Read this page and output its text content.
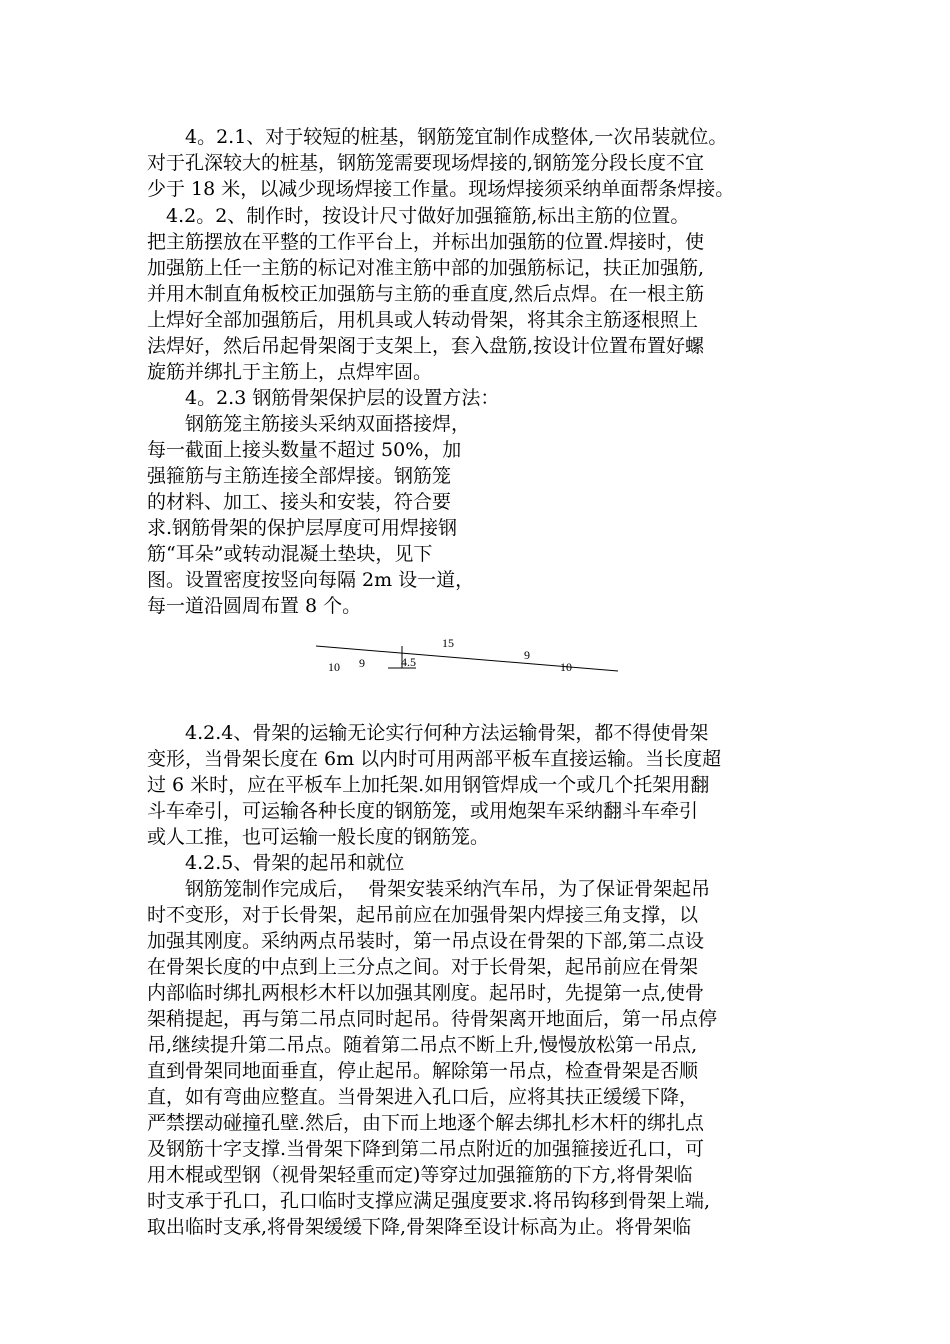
　　4。2.1、对于较短的桩基，钢筋笼宜制作成整体,一次吊装就位。
对于孔深较大的桩基，钢筋笼需要现场焊接的,钢筋笼分段长度不宜
少于 18 米，以减少现场焊接工作量。现场焊接须采纳单面帮条焊接。
　4.2。2、制作时，按设计尺寸做好加强箍筋,标出主筋的位置。
把主筋摆放在平整的工作平台上，并标出加强筋的位置.焊接时，使
加强筋上任一主筋的标记对准主筋中部的加强筋标记，扶正加强筋,
并用木制直角板校正加强筋与主筋的垂直度,然后点焊。在一根主筋
上焊好全部加强筋后，用机具或人转动骨架，将其余主筋逐根照上
法焊好，然后吊起骨架阁于支架上，套入盘筋,按设计位置布置好螺
旋筋并绑扎于主筋上，点焊牢固。
　　4。2.3 钢筋骨架保护层的设置方法：
　　钢筋笼主筋接头采纳双面搭接焊，
每一截面上接头数量不超过 50%，加
强箍筋与主筋连接全部焊接。钢筋笼
的材料、加工、接头和安装，符合要
求.钢筋骨架的保护层厚度可用焊接钢
筋“耳朵”或转动混凝土垫块，见下
图。设置密度按竖向每隔 2m 设一道，
每一道沿圆周布置 8 个。
15
10 9	4.5	9
10
　　4.2.4、骨架的运输无论实行何种方法运输骨架，都不得使骨架
变形，当骨架长度在 6m 以内时可用两部平板车直接运输。当长度超
过 6 米时，应在平板车上加托架.如用钢管焊成一个或几个托架用翻
斗车牵引，可运输各种长度的钢筋笼，或用炮架车采纳翻斗车牵引
或人工推，也可运输一般长度的钢筋笼。
　　4.2.5、骨架的起吊和就位
　　钢筋笼制作完成后，  骨架安装采纳汽车吊，为了保证骨架起吊
时不变形，对于长骨架，起吊前应在加强骨架内焊接三角支撑，以
加强其刚度。采纳两点吊装时，第一吊点设在骨架的下部,第二点设
在骨架长度的中点到上三分点之间。对于长骨架，起吊前应在骨架
内部临时绑扎两根杉木杆以加强其刚度。起吊时，先提第一点,使骨
架稍提起，再与第二吊点同时起吊。待骨架离开地面后，第一吊点停
吊,继续提升第二吊点。随着第二吊点不断上升,慢慢放松第一吊点,
直到骨架同地面垂直，停止起吊。解除第一吊点，检查骨架是否顺
直，如有弯曲应整直。当骨架进入孔口后，应将其扶正缓缓下降，
严禁摆动碰撞孔壁.然后，由下而上地逐个解去绑扎杉木杆的绑扎点
及钢筋十字支撑.当骨架下降到第二吊点附近的加强箍接近孔口，可
用木棍或型钢（视骨架轻重而定)等穿过加强箍筋的下方,将骨架临
时支承于孔口，孔口临时支撑应满足强度要求.将吊钩移到骨架上端,
取出临时支承,将骨架缓缓下降,骨架降至设计标高为止。将骨架临
